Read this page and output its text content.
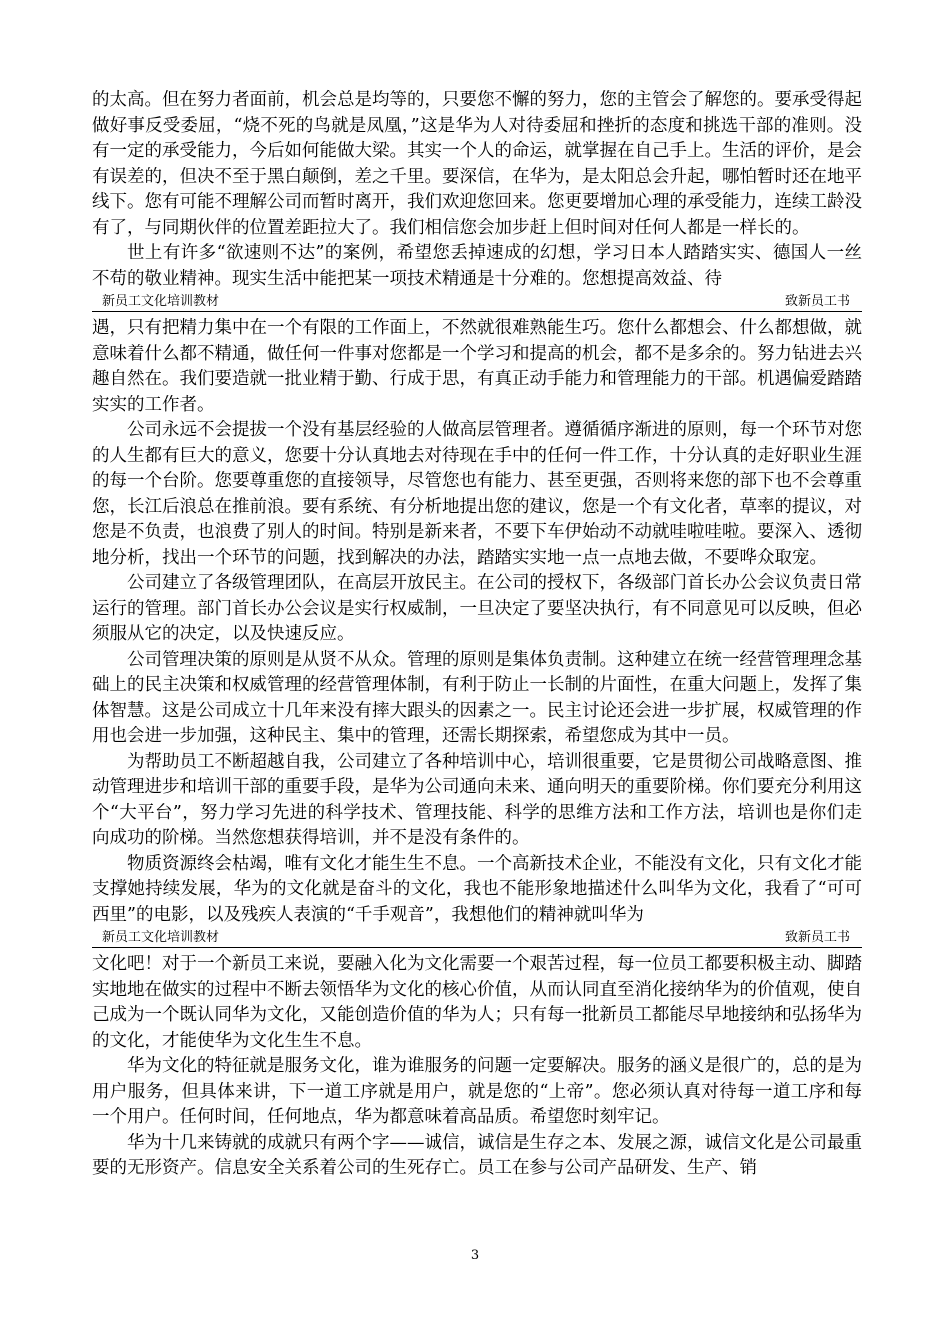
的太高。但在努力者面前，机会总是均等的，只要您不懈的努力，您的主管会了解您的。要承受得起做好事反受委屈，“烧不死的鸟就是凤凰，”这是华为人对待委屈和挫折的态度和挑选干部的准则。没有一定的承受能力，今后如何能做大梁。其实一个人的命运，就掌握在自己手上。生活的评价，是会有误差的，但决不至于黑白颠倒，差之千里。要深信，在华为，是太阳总会升起，哪怕暂时还在地平线下。您有可能不理解公司而暂时离开，我们欢迎您回来。您更要增加心理的承受能力，连续工龄没有了，与同期伙伴的位置差距拉大了。我们相信您会加步赶上但时间对任何人都是一样长的。

世上有许多“欲速则不达”的案例，希望您丢掉速成的幻想，学习日本人踏踏实实、德国人一丝不苟的敬业精神。现实生活中能把某一项技术精通是十分难的。您想提高效益、待

新员工文化培训教材	致新员工书

遇，只有把精力集中在一个有限的工作面上，不然就很难熟能生巧。您什么都想会、什么都想做，就意味着什么都不精通，做任何一件事对您都是一个学习和提高的机会，都不是多余的。努力钻进去兴趣自然在。我们要造就一批业精于勤、行成于思，有真正动手能力和管理能力的干部。机遇偏爱踏踏实实的工作者。

公司永远不会提拔一个没有基层经验的人做高层管理者。遵循循序渐进的原则，每一个环节对您的人生都有巨大的意义，您要十分认真地去对待现在手中的任何一件工作，十分认真的走好职业生涯的每一个台阶。您要尊重您的直接领导，尽管您也有能力、甚至更强，否则将来您的部下也不会尊重您，长江后浪总在推前浪。要有系统、有分析地提出您的建议，您是一个有文化者，草率的提议，对您是不负责，也浪费了别人的时间。特别是新来者，不要下车伊始动不动就哇啦哇啦。要深入、透彻地分析，找出一个环节的问题，找到解决的办法，踏踏实实地一点一点地去做，不要哗众取宠。

公司建立了各级管理团队，在高层开放民主。在公司的授权下，各级部门首长办公会议负责日常运行的管理。部门首长办公会议是实行权威制，一旦决定了要坚决执行，有不同意见可以反映，但必须服从它的决定，以及快速反应。

公司管理决策的原则是从贤不从众。管理的原则是集体负责制。这种建立在统一经营管理理念基础上的民主决策和权威管理的经营管理体制，有利于防止一长制的片面性，在重大问题上，发挥了集体智慧。这是公司成立十几年来没有摔大跟头的因素之一。民主讨论还会进一步扩展，权威管理的作用也会进一步加强，这种民主、集中的管理，还需长期探索，希望您成为其中一员。

为帮助员工不断超越自我，公司建立了各种培训中心，培训很重要，它是贯彻公司战略意图、推动管理进步和培训干部的重要手段，是华为公司通向未来、通向明天的重要阶梯。你们要充分利用这个“大平台”，努力学习先进的科学技术、管理技能、科学的思维方法和工作方法，培训也是你们走向成功的阶梯。当然您想获得培训，并不是没有条件的。

物质资源终会枯竭，唯有文化才能生生不息。一个高新技术企业，不能没有文化，只有文化才能支撑她持续发展，华为的文化就是奋斗的文化，我也不能形象地描述什么叫华为文化，我看了“可可西里”的电影，以及残疾人表演的“千手观音”，我想他们的精神就叫华为

新员工文化培训教材	致新员工书

文化吧！对于一个新员工来说，要融入化为文化需要一个艰苦过程，每一位员工都要积极主动、脚踏实地地在做实的过程中不断去领悟华为文化的核心价值，从而认同直至消化接纳华为的价值观，使自己成为一个既认同华为文化，又能创造价值的华为人；只有每一批新员工都能尽早地接纳和弘扬华为的文化，才能使华为文化生生不息。

华为文化的特征就是服务文化，谁为谁服务的问题一定要解决。服务的涵义是很广的，总的是为用户服务，但具体来讲，下一道工序就是用户，就是您的“上帝”。您必须认真对待每一道工序和每一个用户。任何时间，任何地点，华为都意味着高品质。希望您时刻牢记。

华为十几来铸就的成就只有两个字——诚信，诚信是生存之本、发展之源，诚信文化是公司最重要的无形资产。信息安全关系着公司的生死存亡。员工在参与公司产品研发、生产、销

3
